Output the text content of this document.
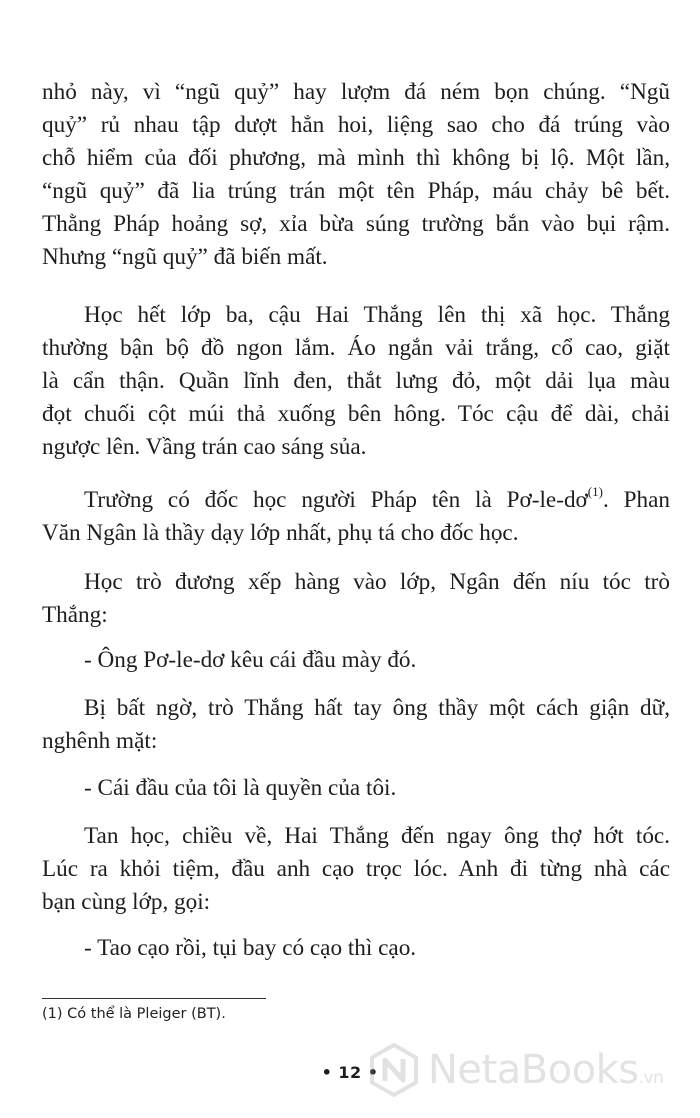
nhỏ này, vì “ngũ quỷ” hay lượm đá ném bọn chúng. “Ngũ
quỷ” rủ nhau tập dượt hẳn hoi, liệng sao cho đá trúng vào
chỗ hiểm của đối phương, mà mình thì không bị lộ. Một lần,
“ngũ quỷ” đã lia trúng trán một tên Pháp, máu chảy bê bết.
Thằng Pháp hoảng sợ, xỉa bừa súng trường bắn vào bụi rậm.
Nhưng “ngũ quỷ” đã biến mất.
Học hết lớp ba, cậu Hai Thắng lên thị xã học. Thắng
thường bận bộ đồ ngon lắm. Áo ngắn vải trắng, cổ cao, giặt
là cẩn thận. Quần lĩnh đen, thắt lưng đỏ, một dải lụa màu
đọt chuối cột múi thả xuống bên hông. Tóc cậu để dài, chải
ngược lên. Vầng trán cao sáng sủa.
Trường có đốc học người Pháp tên là Pơ-le-dơ$^{(1)}$. Phan
Văn Ngân là thầy dạy lớp nhất, phụ tá cho đốc học.
Học trò đương xếp hàng vào lớp, Ngân đến níu tóc trò
Thắng:
- Ông Pơ-le-dơ kêu cái đầu mày đó.
Bị bất ngờ, trò Thắng hất tay ông thầy một cách giận dữ,
nghênh mặt:
- Cái đầu của tôi là quyền của tôi.
Tan học, chiều về, Hai Thắng đến ngay ông thợ hớt tóc.
Lúc ra khỏi tiệm, đầu anh cạo trọc lóc. Anh đi từng nhà các
bạn cùng lớp, gọi:
- Tao cạo rồi, tụi bay có cạo thì cạo.
(1) Có thể là Pleiger (BT).
• 12 •	NetaBooks.vn
